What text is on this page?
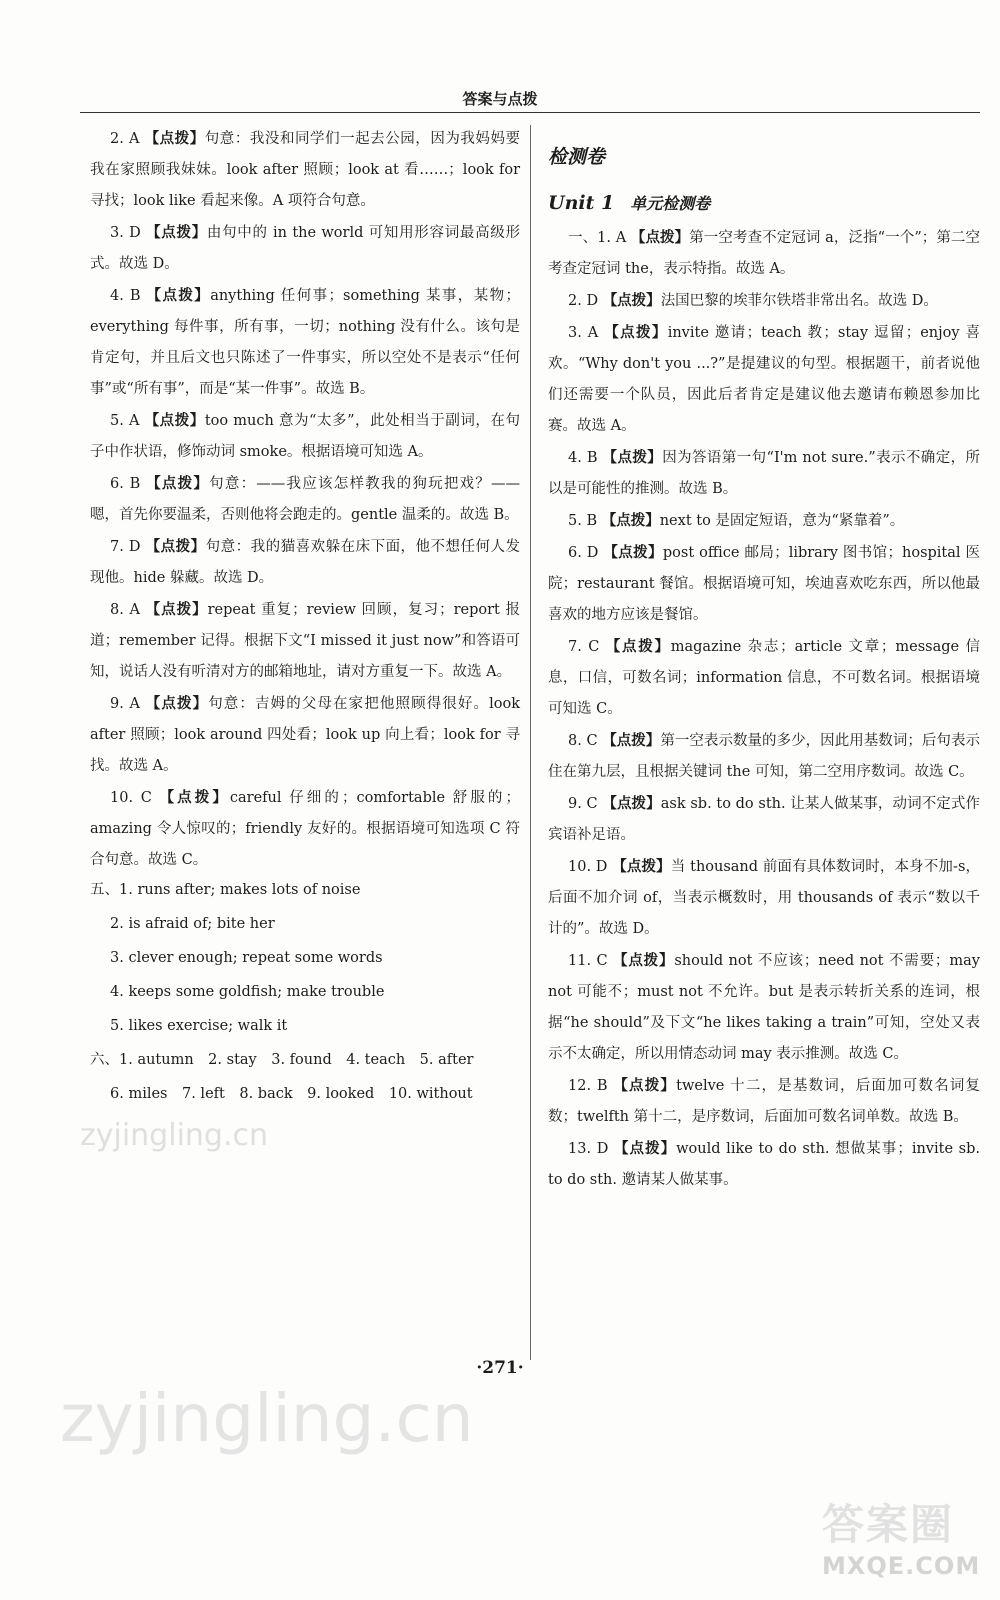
答案与点拨
2. A 【点拨】句意：我没和同学们一起去公园，因为我妈妈要我在家照顾我妹妹。look after 照顾；look at 看……；look for 寻找；look like 看起来像。A 项符合句意。
3. D 【点拨】由句中的 in the world 可知用形容词最高级形式。故选 D。
4. B 【点拨】anything 任何事；something 某事，某物；everything 每件事，所有事，一切；nothing 没有什么。该句是肯定句，并且后文也只陈述了一件事实，所以空处不是表示“任何事”或“所有事”，而是“某一件事”。故选 B。
5. A 【点拨】too much 意为“太多”，此处相当于副词，在句子中作状语，修饰动词 smoke。根据语境可知选 A。
6. B 【点拨】句意：——我应该怎样教我的狗玩把戏？——嗯，首先你要温柔，否则他将会跑走的。gentle 温柔的。故选 B。
7. D 【点拨】句意：我的猫喜欢躲在床下面，他不想任何人发现他。hide 躲藏。故选 D。
8. A 【点拨】repeat 重复；review 回顾，复习；report 报道；remember 记得。根据下文“I missed it just now”和答语可知，说话人没有听清对方的邮箱地址，请对方重复一下。故选 A。
9. A 【点拨】句意：吉姆的父母在家把他照顾得很好。look after 照顾；look around 四处看；look up 向上看；look for 寻找。故选 A。
10. C 【点拨】careful 仔细的；comfortable 舒服的；amazing 令人惊叹的；friendly 友好的。根据语境可知选项 C 符合句意。故选 C。
五、1. runs after; makes lots of noise
2. is afraid of; bite her
3. clever enough; repeat some words
4. keeps some goldfish; make trouble
5. likes exercise; walk it
六、1. autumn　2. stay　3. found　4. teach　5. after
6. miles　7. left　8. back　9. looked　10. without
检测卷
Unit 1 单元检测卷
一、1. A 【点拨】第一空考查不定冠词 a，泛指“一个”；第二空考查定冠词 the，表示特指。故选 A。
2. D 【点拨】法国巴黎的埃菲尔铁塔非常出名。故选 D。
3. A 【点拨】invite 邀请；teach 教；stay 逗留；enjoy 喜欢。“Why don't you ...?”是提建议的句型。根据题干，前者说他们还需要一个队员，因此后者肯定是建议他去邀请布赖恩参加比赛。故选 A。
4. B 【点拨】因为答语第一句“I'm not sure.”表示不确定，所以是可能性的推测。故选 B。
5. B 【点拨】next to 是固定短语，意为“紧靠着”。
6. D 【点拨】post office 邮局；library 图书馆；hospital 医院；restaurant 餐馆。根据语境可知，埃迪喜欢吃东西，所以他最喜欢的地方应该是餐馆。
7. C 【点拨】magazine 杂志；article 文章；message 信息，口信，可数名词；information 信息，不可数名词。根据语境可知选 C。
8. C 【点拨】第一空表示数量的多少，因此用基数词；后句表示住在第九层，且根据关键词 the 可知，第二空用序数词。故选 C。
9. C 【点拨】ask sb. to do sth. 让某人做某事，动词不定式作宾语补足语。
10. D 【点拨】当 thousand 前面有具体数词时，本身不加-s，后面不加介词 of，当表示概数时，用 thousands of 表示“数以千计的”。故选 D。
11. C 【点拨】should not 不应该；need not 不需要；may not 可能不；must not 不允许。but 是表示转折关系的连词，根据“he should”及下文“he likes taking a train”可知，空处又表示不太确定，所以用情态动词 may 表示推测。故选 C。
12. B 【点拨】twelve 十二，是基数词，后面加可数名词复数；twelfth 第十二，是序数词，后面加可数名词单数。故选 B。
13. D 【点拨】would like to do sth. 想做某事；invite sb. to do sth. 邀请某人做某事。
·271·
zyjingling.cn
zyjingling.cn
答案圈
MXQE.COM
